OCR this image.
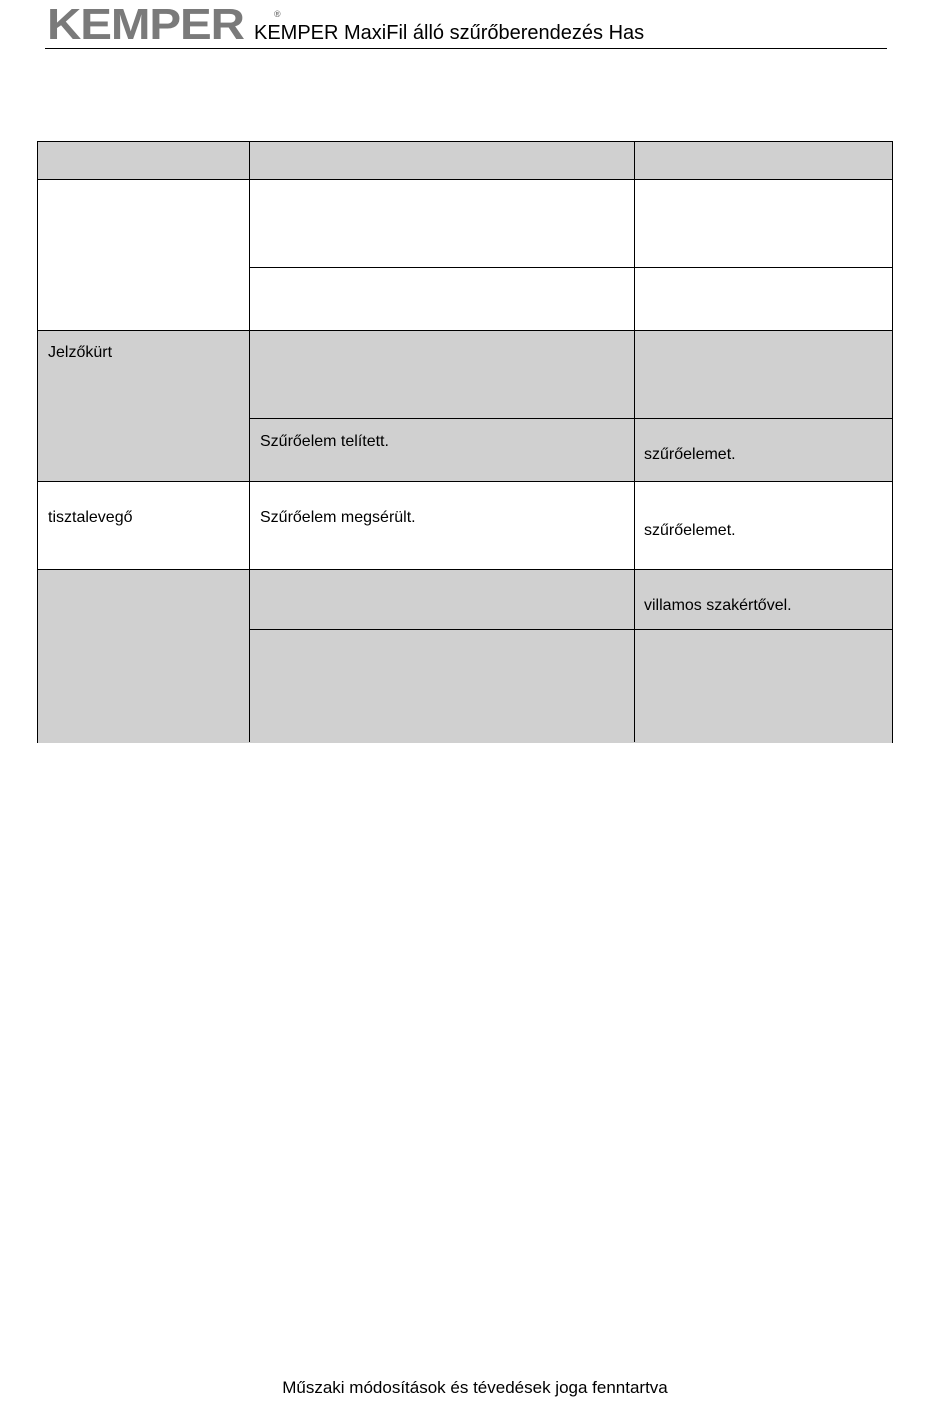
KEMPER	®
KEMPER MaxiFil álló szűrőberendezés Has
Jelzőkürt
Szűrőelem telített.
szűrőelemet.
tisztalevegő	Szűrőelem megsérült.
szűrőelemet.
villamos szakértővel.
Műszaki módosítások és tévedések joga fenntartva
